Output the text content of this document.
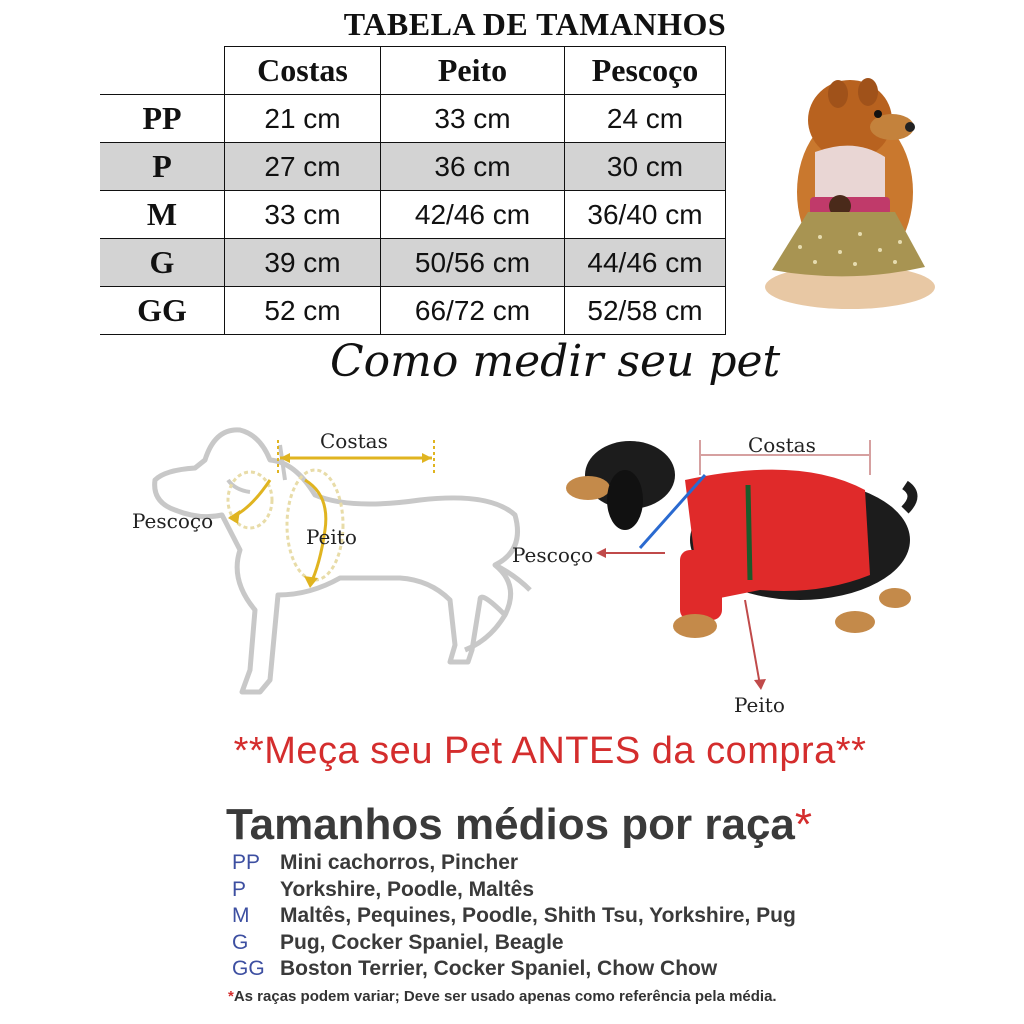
TABELA DE TAMANHOS
	Costas	Peito	Pescoço
PP	21 cm	33 cm	24 cm
P	27 cm	36 cm	30 cm
M	33 cm	42/46 cm	36/40 cm
G	39 cm	50/56 cm	44/46 cm
GG	52 cm	66/72 cm	52/58 cm
Como medir seu pet
Costas
Pescoço
Peito
Costas
Pescoço
Peito
**Meça seu Pet ANTES da compra**
Tamanhos médios por raça*
PP Mini cachorros, Pincher
P	Yorkshire, Poodle, Maltês
M	Maltês, Pequines, Poodle, Shith Tsu, Yorkshire, Pug
G	Pug, Cocker Spaniel, Beagle
GG Boston Terrier, Cocker Spaniel, Chow Chow
*As raças podem variar; Deve ser usado apenas como referência pela média.
